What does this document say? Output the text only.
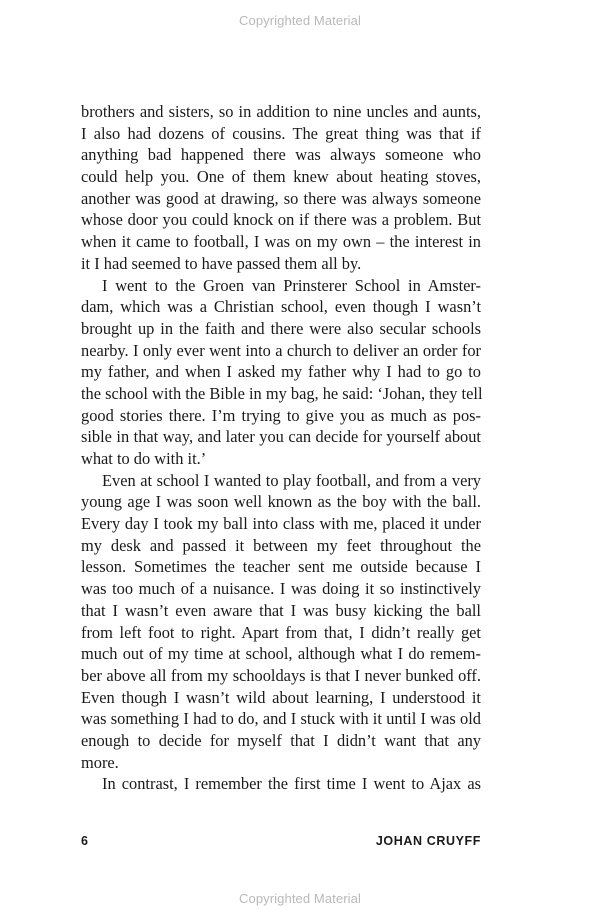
Copyrighted Material
brothers and sisters, so in addition to nine uncles and aunts,
I also had dozens of cousins. The great thing was that if
anything bad happened there was always someone who
could help you. One of them knew about heating stoves,
another was good at drawing, so there was always someone
whose door you could knock on if there was a problem. But
when it came to football, I was on my own – the interest in
it I had seemed to have passed them all by.
I went to the Groen van Prinsterer School in Amster-
dam, which was a Christian school, even though I wasn’t
brought up in the faith and there were also secular schools
nearby. I only ever went into a church to deliver an order for
my father, and when I asked my father why I had to go to
the school with the Bible in my bag, he said: ‘Johan, they tell
good stories there. I’m trying to give you as much as pos-
sible in that way, and later you can decide for yourself about
what to do with it.’
Even at school I wanted to play football, and from a very
young age I was soon well known as the boy with the ball.
Every day I took my ball into class with me, placed it under
my desk and passed it between my feet throughout the
lesson. Sometimes the teacher sent me outside because I
was too much of a nuisance. I was doing it so instinctively
that I wasn’t even aware that I was busy kicking the ball
from left foot to right. Apart from that, I didn’t really get
much out of my time at school, although what I do remem-
ber above all from my schooldays is that I never bunked off.
Even though I wasn’t wild about learning, I understood it
was something I had to do, and I stuck with it until I was old
enough to decide for myself that I didn’t want that any
more.
In contrast, I remember the first time I went to Ajax as
6	JOHAN CRUYFF
Copyrighted Material
